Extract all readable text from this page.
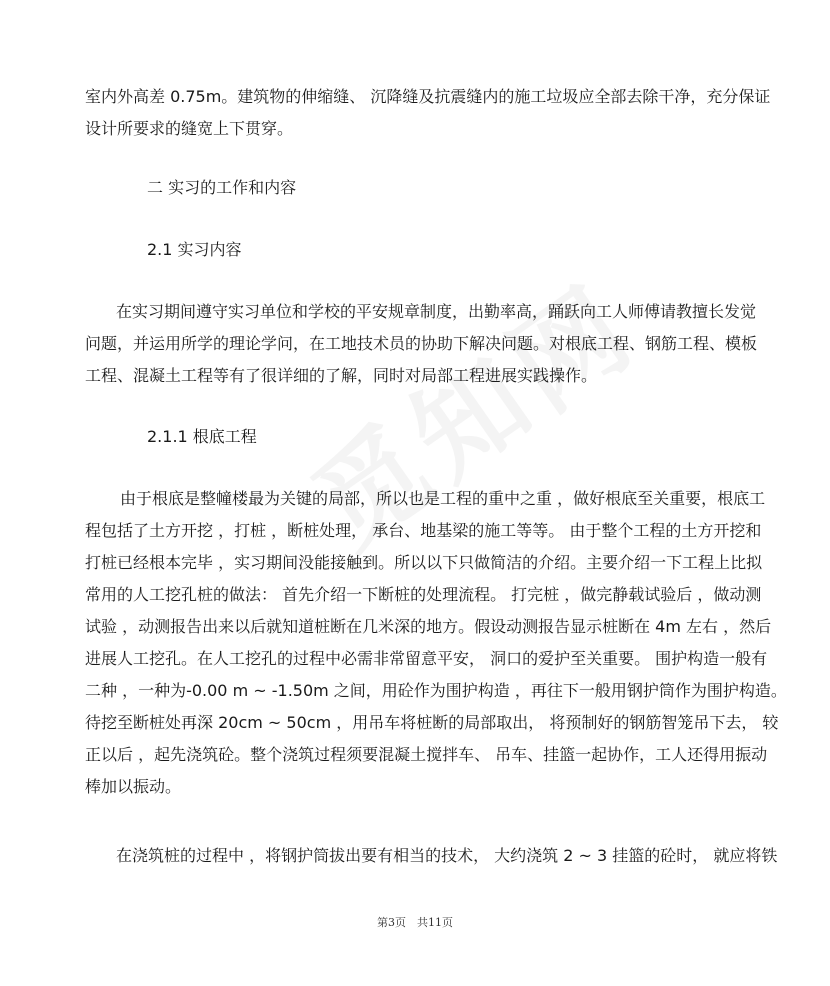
室内外高差 0.75m。建筑物的伸缩缝、 沉降缝及抗震缝内的施工垃圾应全部去除干净，充分保证
设计所要求的缝宽上下贯穿。
二 实习的工作和内容
2.1 实习内容
在实习期间遵守实习单位和学校的平安规章制度，出勤率高，踊跃向工人师傅请教擅长发觉
问题，并运用所学的理论学问，在工地技术员的协助下解决问题。对根底工程、钢筋工程、模板
工程、混凝土工程等有了很详细的了解，同时对局部工程进展实践操作。
2.1.1 根底工程
由于根底是整幢楼最为关键的局部，所以也是工程的重中之重 ，做好根底至关重要，根底工
程包括了土方开挖 ，打桩 ，断桩处理， 承台、地基梁的施工等等。 由于整个工程的土方开挖和
打桩已经根本完毕 ，实习期间没能接触到。所以以下只做简洁的介绍。主要介绍一下工程上比拟
常用的人工挖孔桩的做法： 首先介绍一下断桩的处理流程。 打完桩 ，做完静载试验后 ，做动测
试验 ，动测报告出来以后就知道桩断在几米深的地方。假设动测报告显示桩断在 4m 左右 ，然后
进展人工挖孔。在人工挖孔的过程中必需非常留意平安， 洞口的爱护至关重要。 围护构造一般有
二种 ，一种为-0.00 m ~ -1.50m 之间，用砼作为围护构造 ，再往下一般用钢护筒作为围护构造。
待挖至断桩处再深 20cm ~ 50cm ，用吊车将桩断的局部取出， 将预制好的钢筋智笼吊下去， 较
正以后 ，起先浇筑砼。整个浇筑过程须要混凝土搅拌车、 吊车、挂篮一起协作，工人还得用振动
棒加以振动。
在浇筑桩的过程中 ，将钢护筒拔出要有相当的技术， 大约浇筑 2 ~ 3 挂篮的砼时， 就应将铁
第3页　共11页
